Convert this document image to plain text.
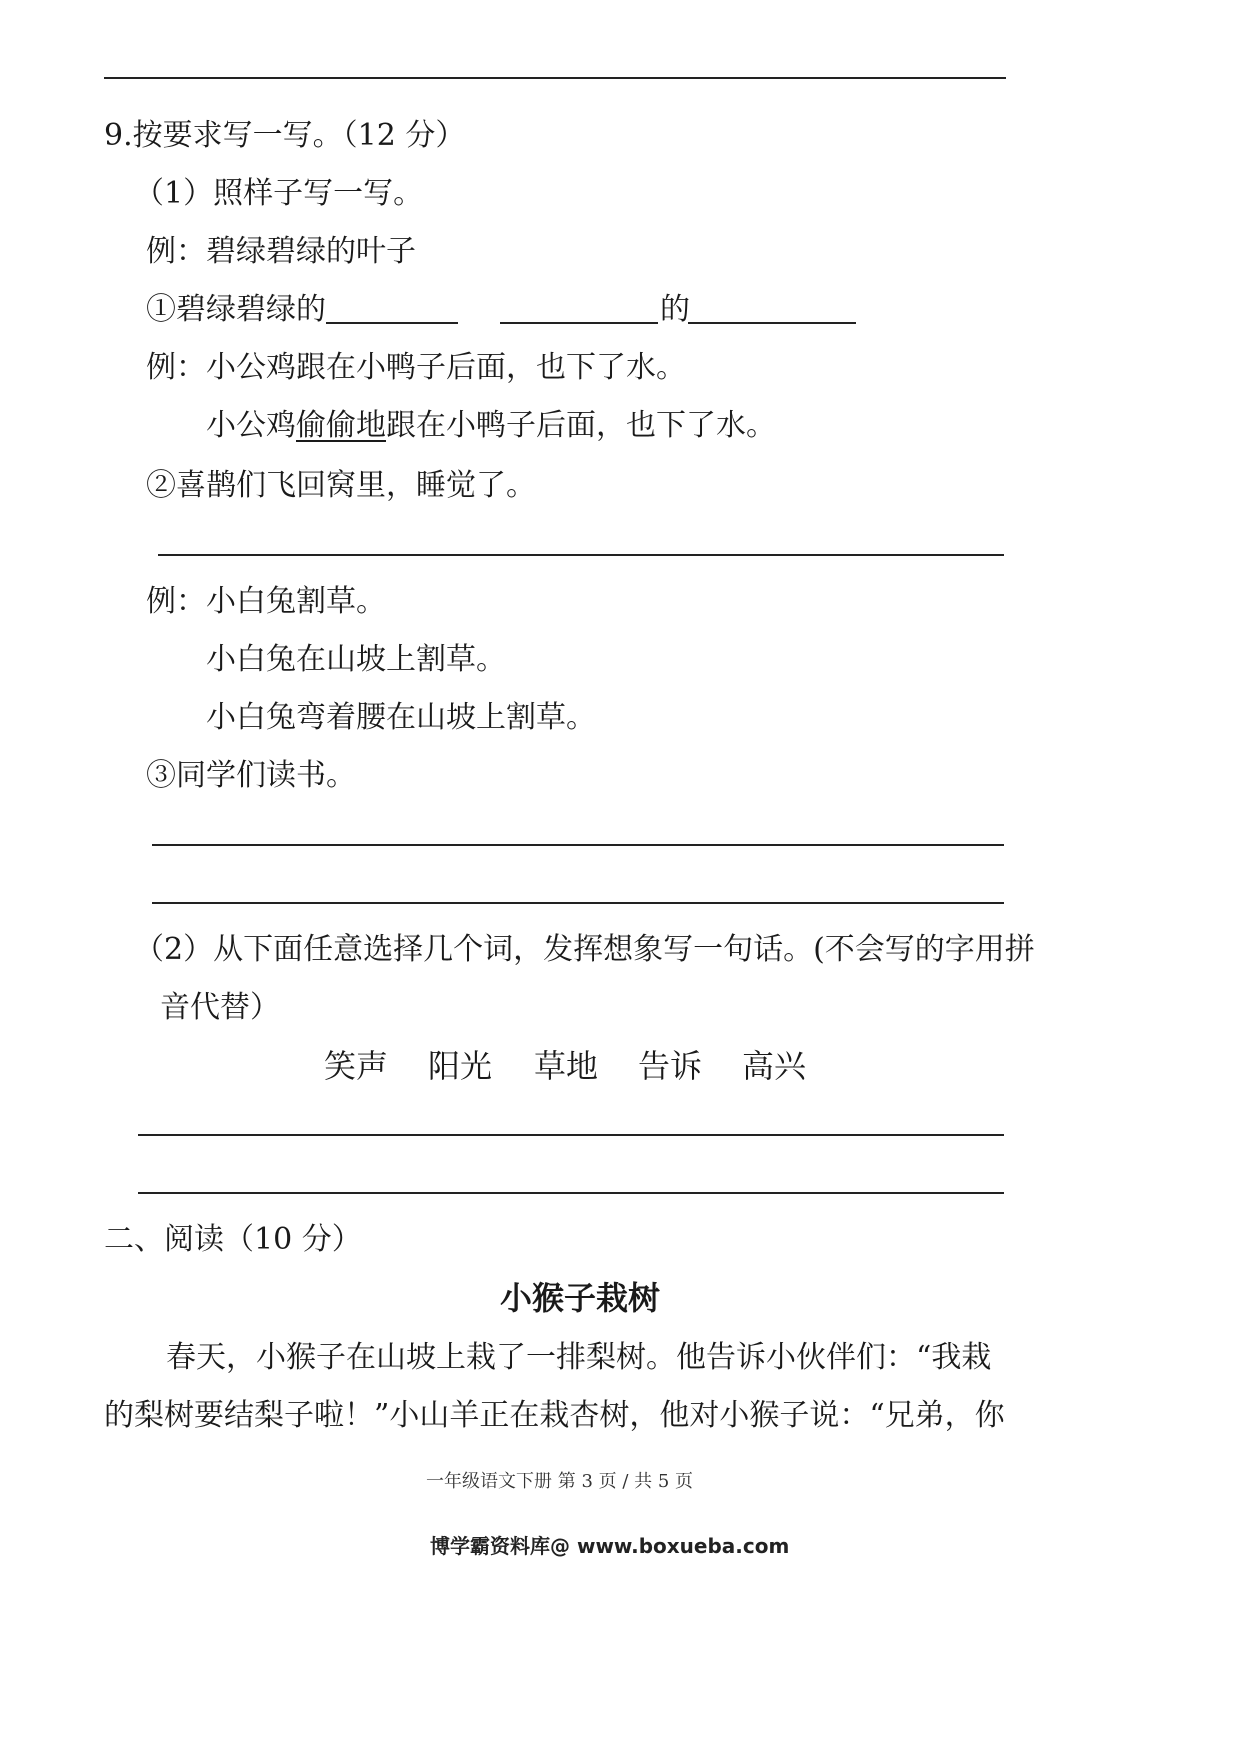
9.按要求写一写。（12 分）
（1）照样子写一写。
例：碧绿碧绿的叶子
①碧绿碧绿的	的
例：小公鸡跟在小鸭子后面，也下了水。
小公鸡偷偷地跟在小鸭子后面，也下了水。
②喜鹊们飞回窝里，睡觉了。
例：小白兔割草。
小白兔在山坡上割草。
小白兔弯着腰在山坡上割草。
③同学们读书。
（2）从下面任意选择几个词，发挥想象写一句话。(不会写的字用拼
音代替）
笑声 阳光 草地 告诉 高兴
二、阅读（10 分）
小猴子栽树
春天，小猴子在山坡上栽了一排梨树。他告诉小伙伴们：“我栽
的梨树要结梨子啦！”小山羊正在栽杏树，他对小猴子说：“兄弟，你
一年级语文下册 第 3 页 / 共 5 页
博学霸资料库@ www.boxueba.com
